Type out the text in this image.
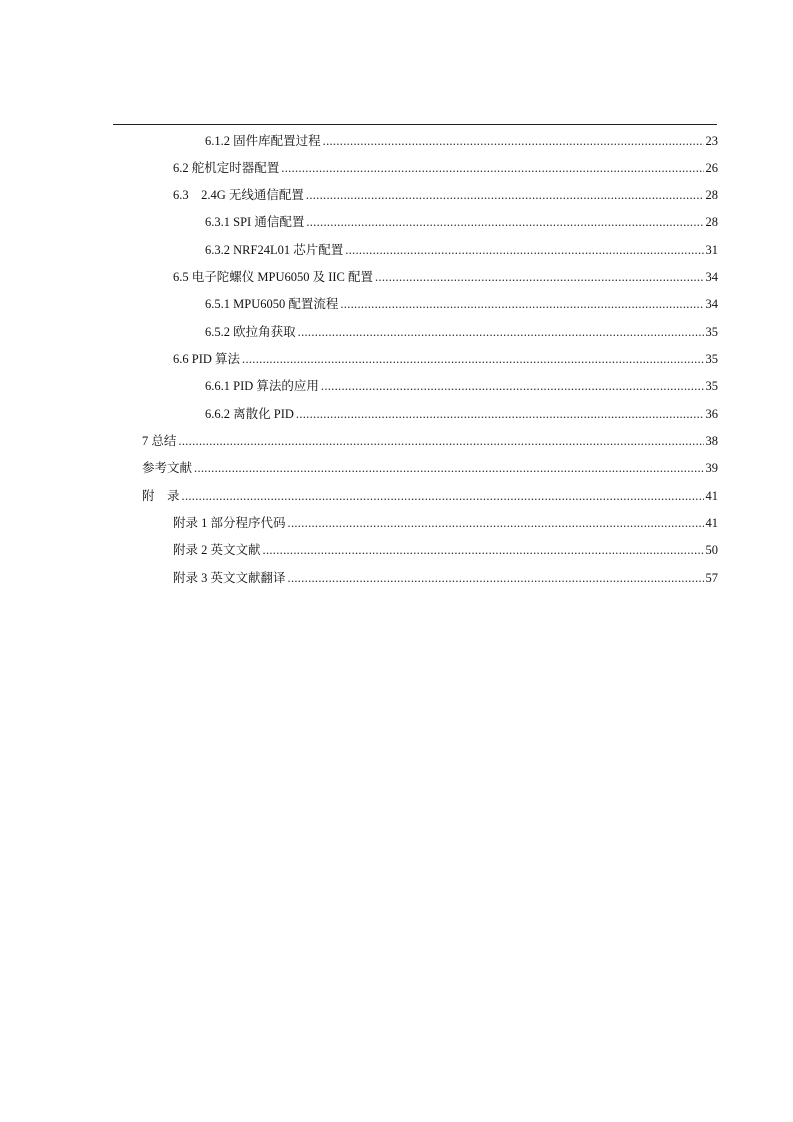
6.1.2 固件库配置过程 .....	23
6.2 舵机定时器配置 .....	26
6.3　2.4G 无线通信配置 .....	28
6.3.1 SPI 通信配置 .....	28
6.3.2 NRF24L01 芯片配置 .....	31
6.5 电子陀螺仪 MPU6050 及 IIC 配置 .....	34
6.5.1 MPU6050 配置流程 .....	34
6.5.2 欧拉角获取 .....	35
6.6 PID 算法 .....	35
6.6.1 PID 算法的应用 .....	35
6.6.2 离散化 PID .....	36
7 总结 .....	38
参考文献 .....	39
附　录 .....	41
附录 1 部分程序代码 .....	41
附录 2 英文文献 .....	50
附录 3 英文文献翻译 .....	57
